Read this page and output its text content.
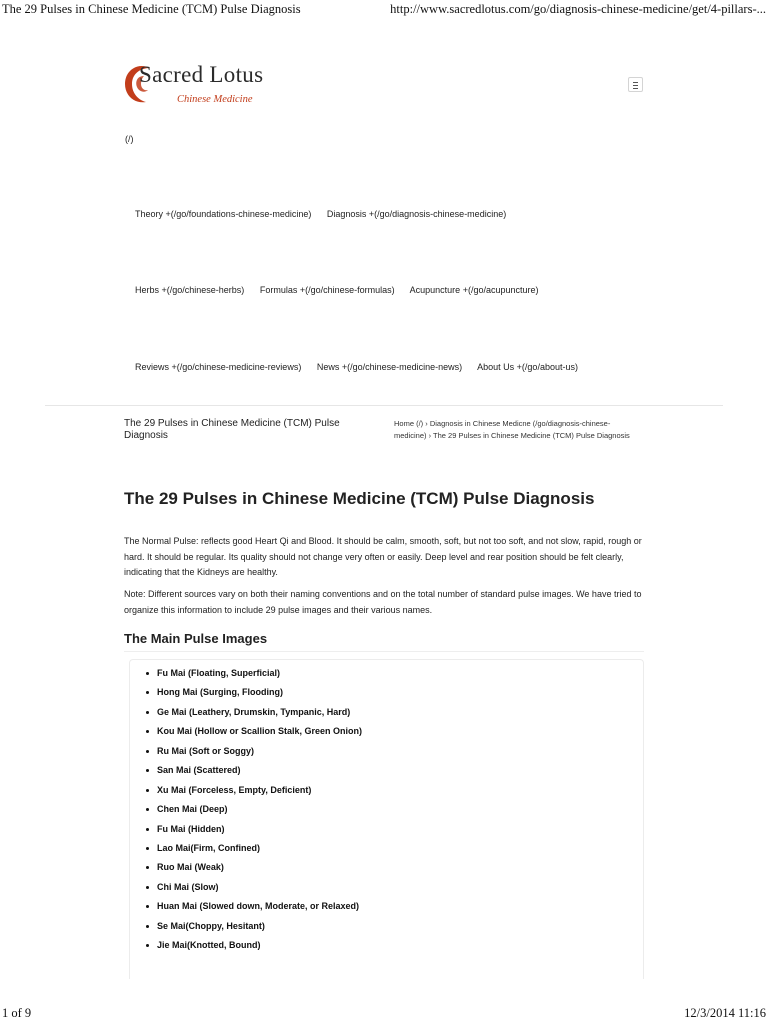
The 29 Pulses in Chinese Medicine (TCM) Pulse Diagnosis	http://www.sacredlotus.com/go/diagnosis-chinese-medicine/get/4-pillars-...
Sacred Lotus
Chinese Medicine
(/)
Theory +(/go/foundations-chinese-medicine) Diagnosis +(/go/diagnosis-chinese-medicine)
Herbs +(/go/chinese-herbs) Formulas +(/go/chinese-formulas) Acupuncture +(/go/acupuncture)
Reviews +(/go/chinese-medicine-reviews) News +(/go/chinese-medicine-news) About Us +(/go/about-us)
The 29 Pulses in Chinese Medicine (TCM) Pulse Diagnosis
Home (/) › Diagnosis in Chinese Medicne (/go/diagnosis-chinese-medicine) › The 29 Pulses in Chinese Medicine (TCM) Pulse Diagnosis
The 29 Pulses in Chinese Medicine (TCM) Pulse Diagnosis

The Normal Pulse: reflects good Heart Qi and Blood. It should be calm, smooth, soft, but not too soft, and not slow, rapid, rough or hard. It should be regular. Its quality should not change very often or easily. Deep level and rear position should be felt clearly, indicating that the Kidneys are healthy.

Note: Different sources vary on both their naming conventions and on the total number of standard pulse images. We have tried to organize this information to include 29 pulse images and their various names.

The Main Pulse Images
Fu Mai (Floating, Superficial)
Hong Mai (Surging, Flooding)
Ge Mai (Leathery, Drumskin, Tympanic, Hard)
Kou Mai (Hollow or Scallion Stalk, Green Onion)
Ru Mai (Soft or Soggy)
San Mai (Scattered)
Xu Mai (Forceless, Empty, Deficient)
Chen Mai (Deep)
Fu Mai (Hidden)
Lao Mai(Firm, Confined)
Ruo Mai (Weak)
Chi Mai (Slow)
Huan Mai (Slowed down, Moderate, or Relaxed)
Se Mai(Choppy, Hesitant)
Jie Mai(Knotted, Bound)
1 of 9	12/3/2014 11:16
